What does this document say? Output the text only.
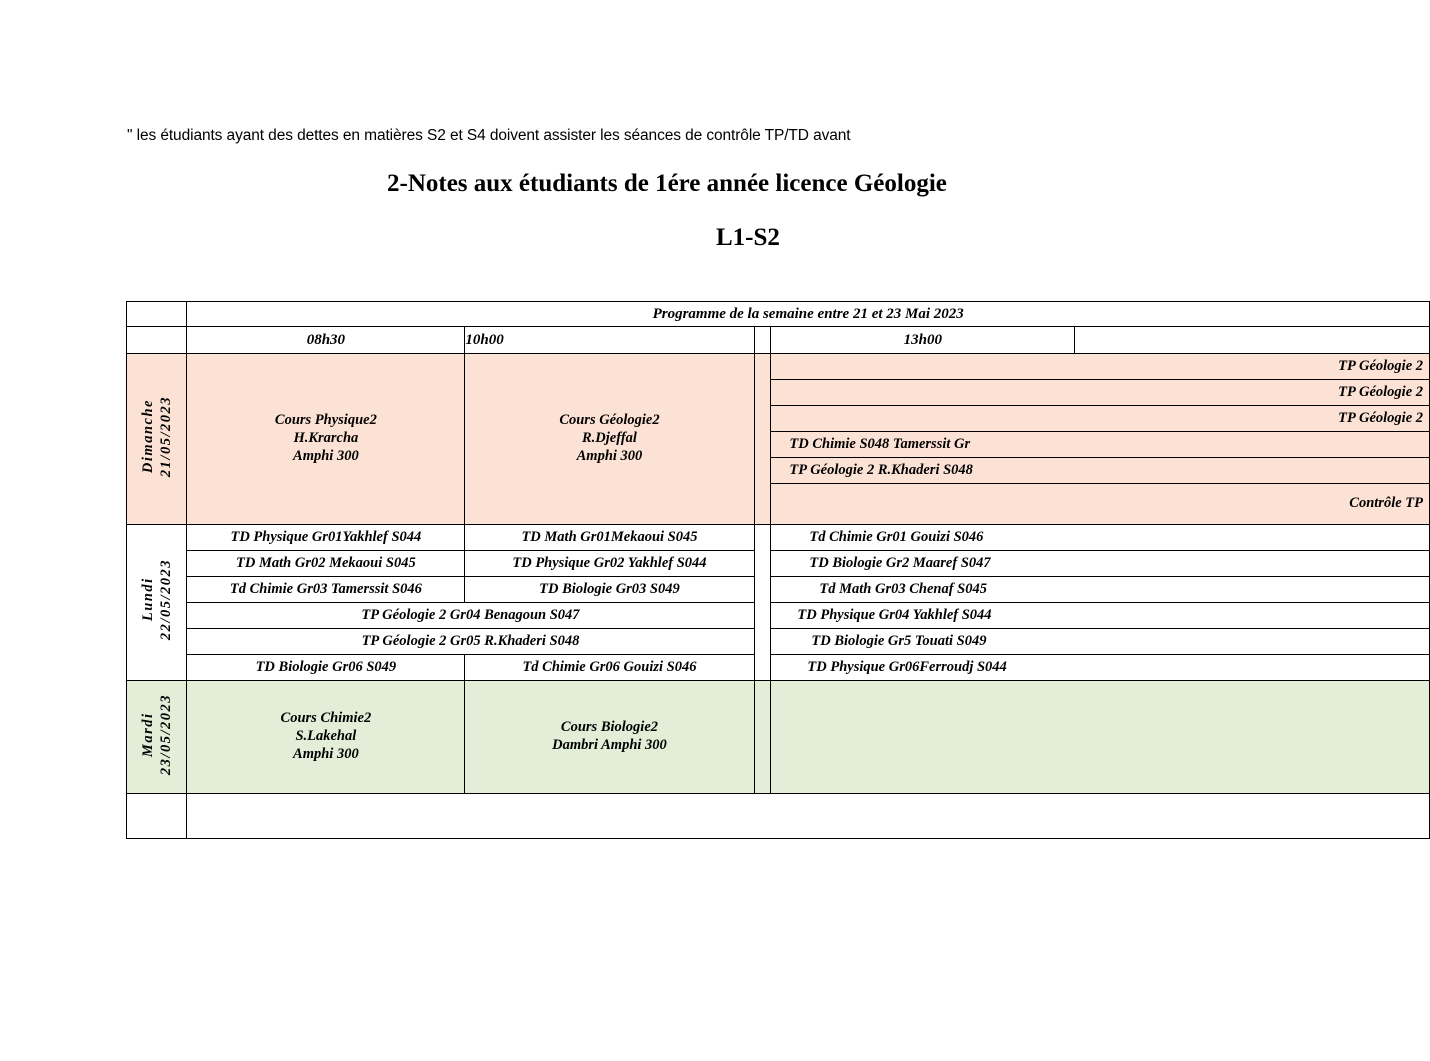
" les étudiants ayant des dettes en matières S2 et S4 doivent assister les séances de contrôle TP/TD avant
2-Notes aux étudiants de 1ére année licence Géologie
L1-S2
	Programme de la semaine entre 21 et 23 Mai 2023				
	08h30	10h00		13h00	
Dimanche 21/05/2023	Cours Physique2
H.Krarcha
Amphi 300	Cours Géologie2
R.Djeffal
Amphi 300		TP Géologie 2	
				TP Géologie 2	
				TP Géologie 2	
				TD Chimie S048 Tamerssit Gr	
				TP Géologie 2 R.Khaderi S048	
				Contrôle TP	
Lundi 22/05/2023	TD Physique Gr01Yakhlef S044	TD Math Gr01Mekaoui S045		Td Chimie Gr01 Gouizi S046	
	TD Math Gr02 Mekaoui S045	TD Physique Gr02 Yakhlef S044		TD Biologie Gr2 Maaref S047	
	Td Chimie Gr03 Tamerssit S046	TD Biologie Gr03 S049		Td Math Gr03 Chenaf S045	
	TP Géologie 2 Gr04 Benagoun S047			TD Physique Gr04 Yakhlef S044	
	TP Géologie 2 Gr05 R.Khaderi S048			TD Biologie Gr5 Touati S049	
	TD Biologie Gr06 S049	Td Chimie Gr06 Gouizi S046		TD Physique Gr06Ferroudj S044	
Mardi 23/05/2023	Cours Chimie2
S.Lakehal
Amphi 300	Cours Biologie2
Dambri Amphi 300			
